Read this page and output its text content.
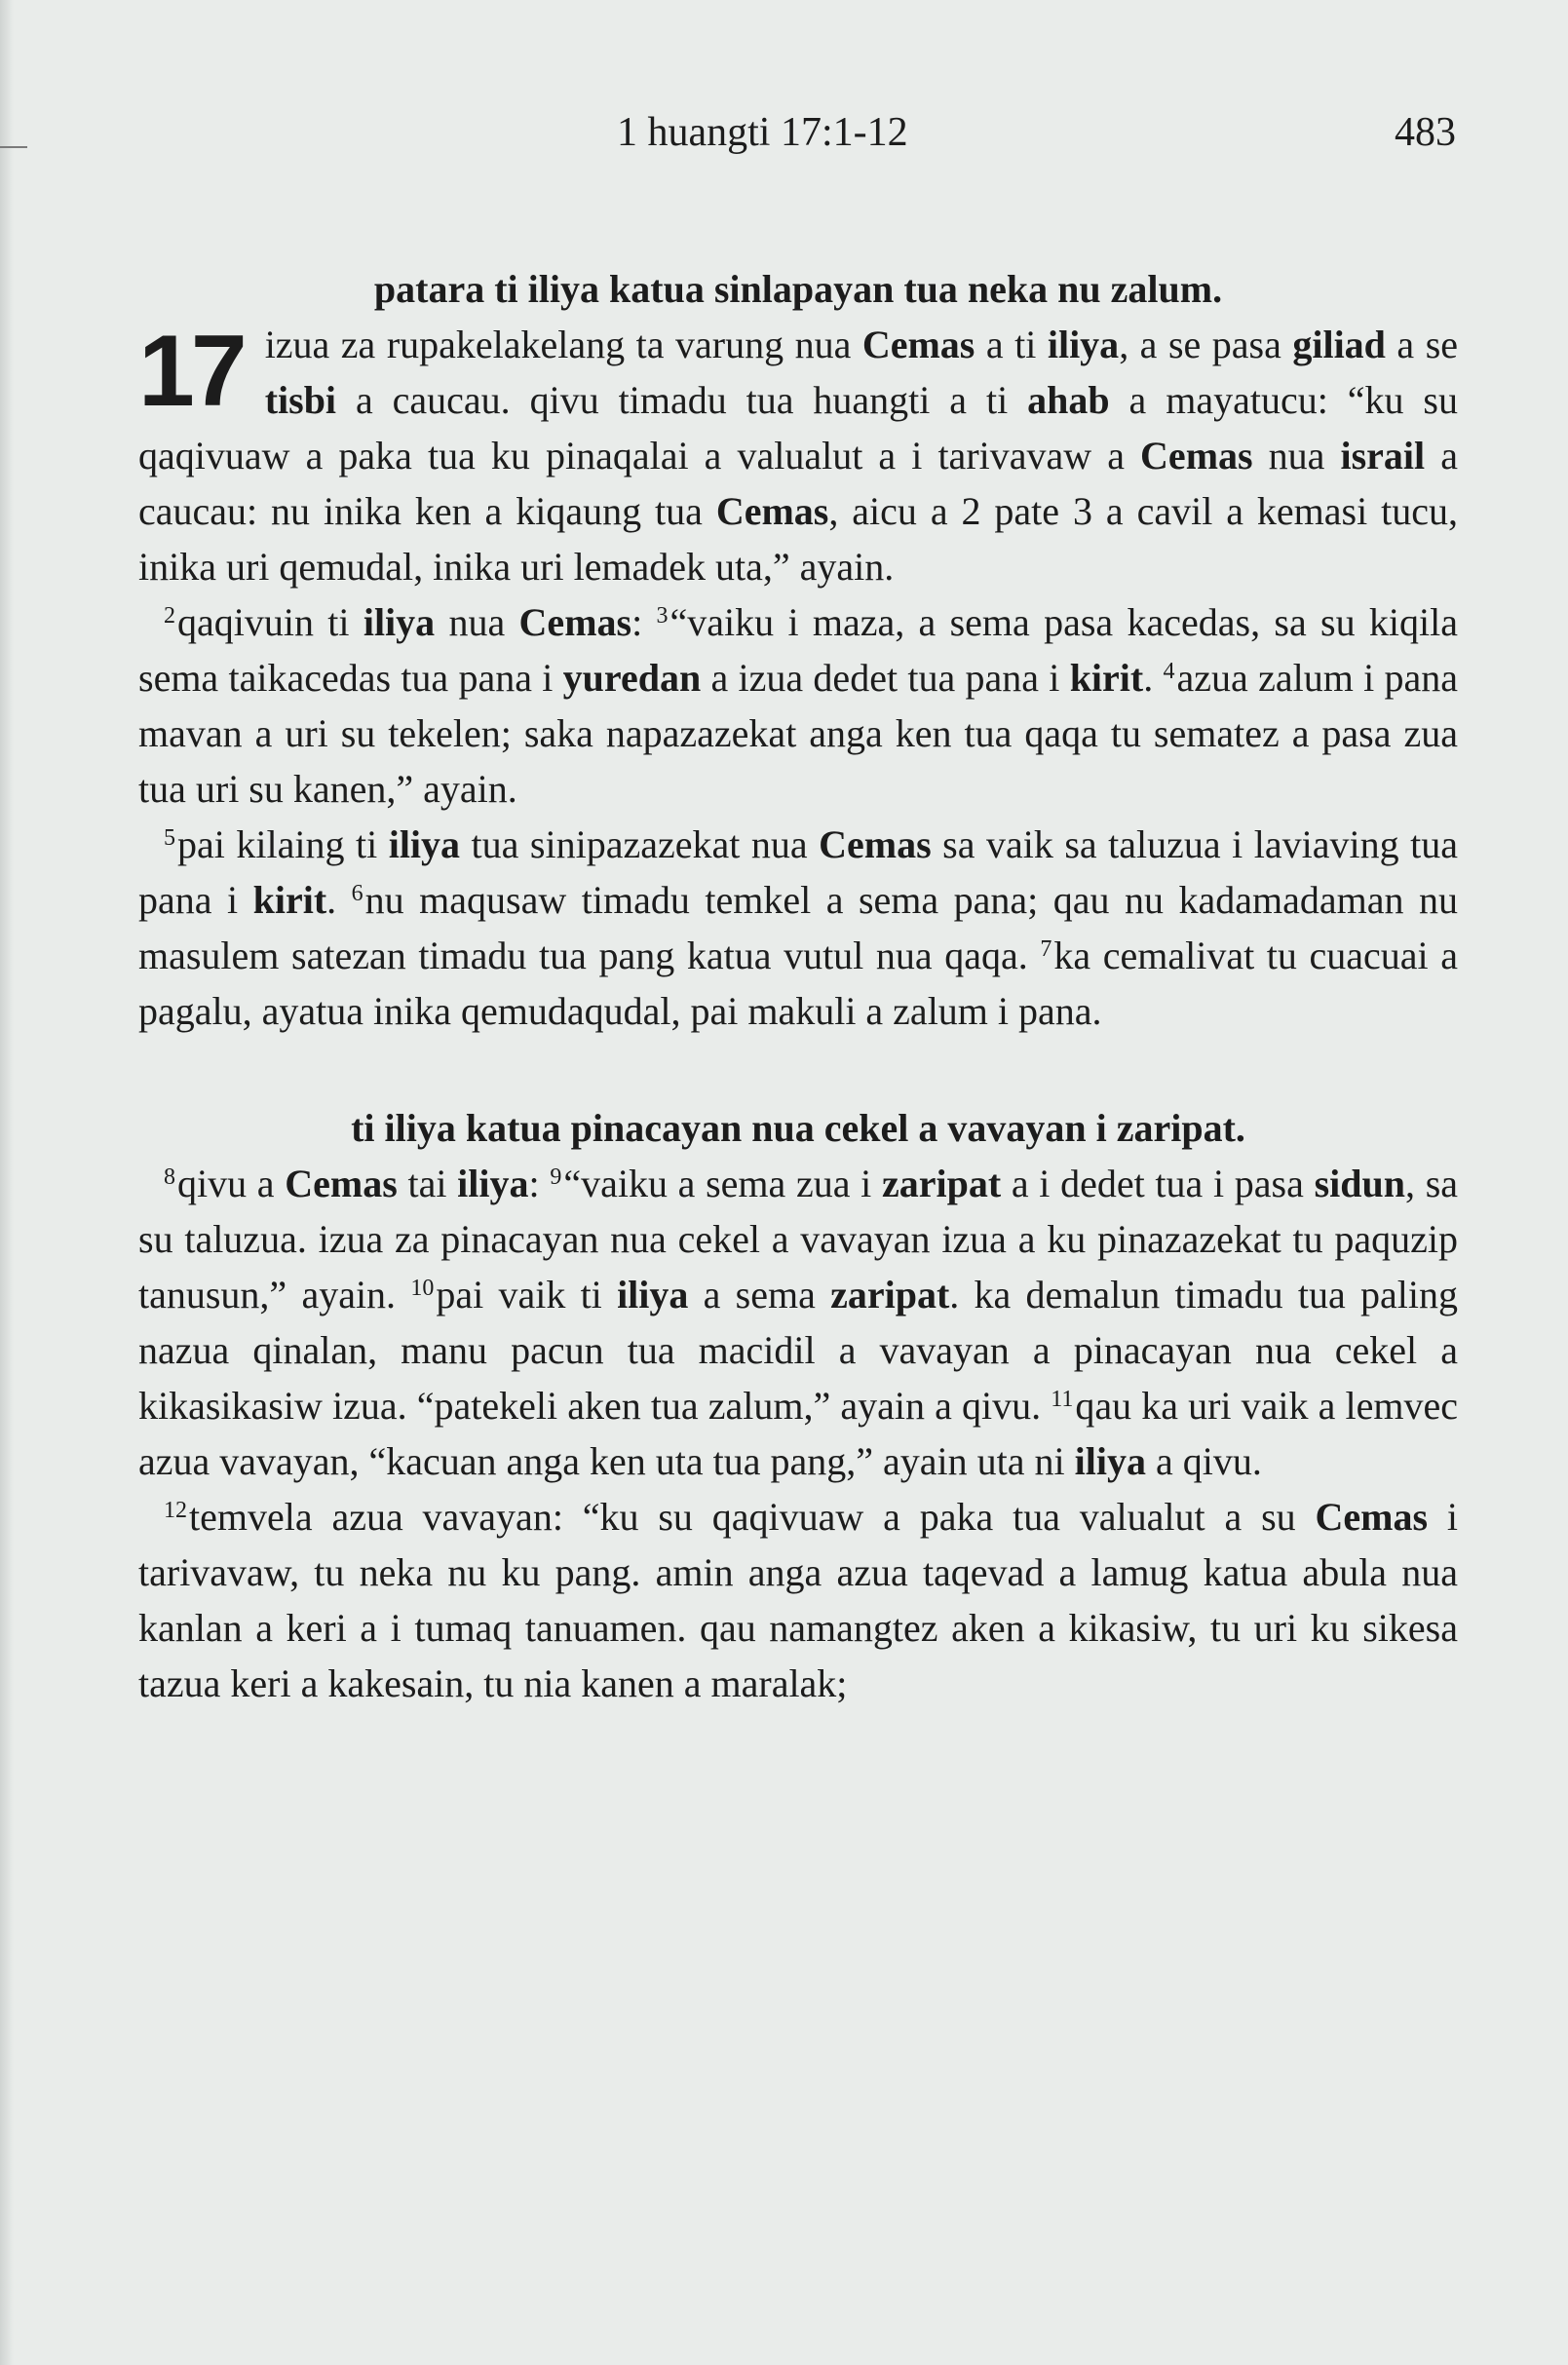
1 huangti 17:1-12	483
patara ti iliya katua sinlapayan tua neka nu zalum.

17 izua za rupakelakelang ta varung nua Cemas a ti iliya, a se pasa giliad a se tisbi a caucau. qivu timadu tua huangti a ti ahab a mayatucu: “ku su qaqivuaw a paka tua ku pinaqalai a valualut a i tarivavaw a Cemas nua israil a caucau: nu inika ken a kiqaung tua Cemas, aicu a 2 pate 3 a cavil a kemasi tucu, inika uri qemudal, inika uri lemadek uta,” ayain.

$^2$qaqivuin ti iliya nua Cemas: $^3$“vaiku i maza, a sema pasa kacedas, sa su kiqila sema taikacedas tua pana i yuredan a izua dedet tua pana i kirit. $^4$azua zalum i pana mavan a uri su tekelen; saka napazazekat anga ken tua qaqa tu sematez a pasa zua tua uri su kanen,” ayain.

$^5$pai kilaing ti iliya tua sinipazazekat nua Cemas sa vaik sa taluzua i laviaving tua pana i kirit. $^6$nu maqusaw timadu temkel a sema pana; qau nu kadamadaman nu masulem satezan timadu tua pang katua vutul nua qaqa. $^7$ka cemalivat tu cuacuai a pagalu, ayatua inika qemudaqudal, pai makuli a zalum i pana.

ti iliya katua pinacayan nua cekel a vavayan i zaripat.

$^8$qivu a Cemas tai iliya: $^9$“vaiku a sema zua i zaripat a i dedet tua i pasa sidun, sa su taluzua. izua za pinacayan nua cekel a vavayan izua a ku pinazazekat tu paquzip tanusun,” ayain. $^{10}$pai vaik ti iliya a sema zaripat. ka demalun timadu tua paling nazua qinalan, manu pacun tua macidil a vavayan a pinacayan nua cekel a kikasikasiw izua. “patekeli aken tua zalum,” ayain a qivu. $^{11}$qau ka uri vaik a lemvec azua vavayan, “kacuan anga ken uta tua pang,” ayain uta ni iliya a qivu.

$^{12}$temvela azua vavayan: “ku su qaqivuaw a paka tua valualut a su Cemas i tarivavaw, tu neka nu ku pang. amin anga azua taqevad a lamug katua abula nua kanlan a keri a i tumaq tanuamen. qau namangtez aken a kikasiw, tu uri ku sikesa tazua keri a kakesain, tu nia kanen a maralak;
